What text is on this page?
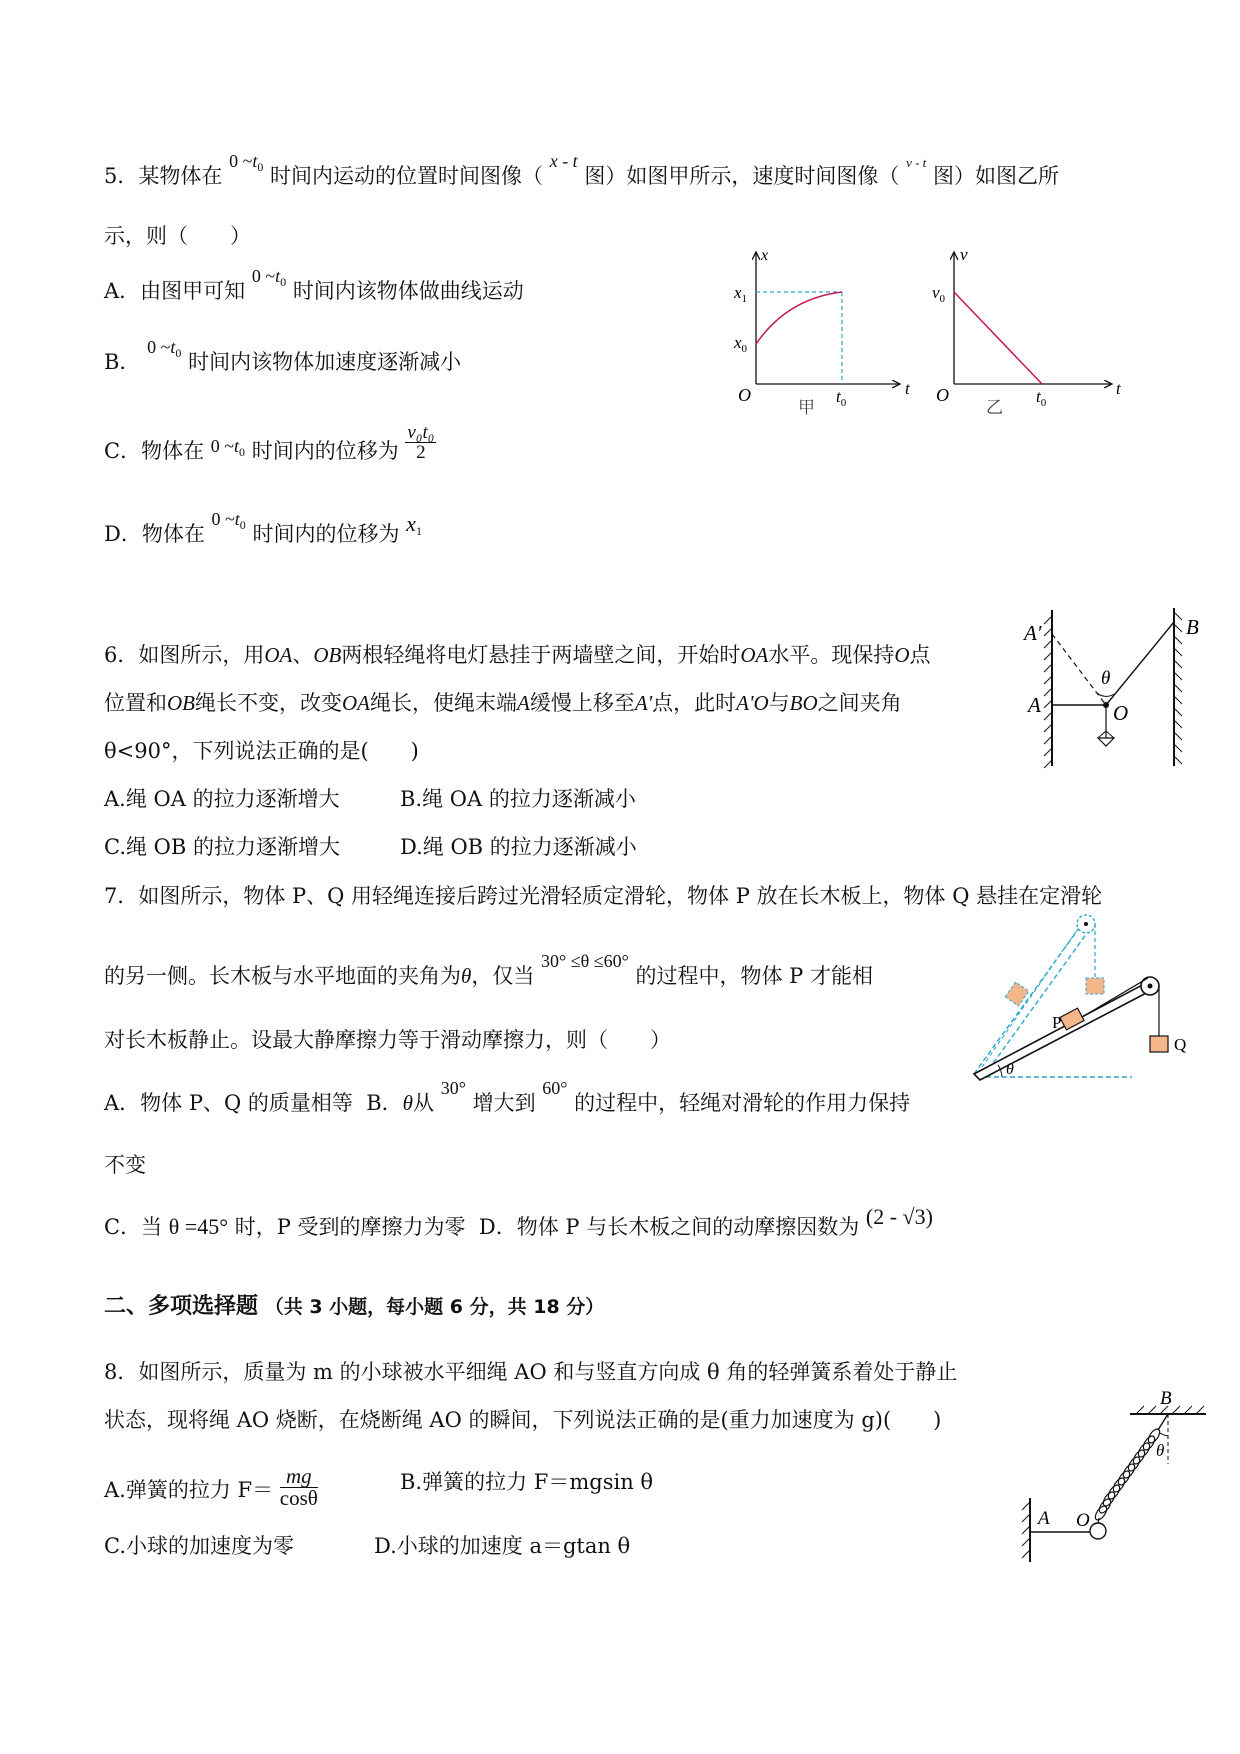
5．某物体在 0 $\sim t_0$ 时间内运动的位置时间图像（ x - t 图）如图甲所示，速度时间图像（ $^{v - t}$ 图）如图乙所
示，则（　　）
A．由图甲可知 0 $\sim t_0$ 时间内该物体做曲线运动
B． 0 $\sim t_0$ 时间内该物体加速度逐渐减小
C．物体在 0 $\sim t_0$ 时间内的位移为 $\frac{\text{v₀t₀}}{2}$
D．物体在 0 $\sim t_0$ 时间内的位移为 x1
x
t
O
$x_1$
$x_0$
$t_0$
甲
v
t
O
$v_0$
$t_0$
乙
6．如图所示，用OA、OB两根轻绳将电灯悬挂于两墙壁之间，开始时OA水平。现保持O点
位置和OB绳长不变，改变OA绳长，使绳末端A缓慢上移至A'点，此时A'O与BO之间夹角
θ<90°，下列说法正确的是(　　)
A.绳 OA 的拉力逐渐增大	B.绳 OA 的拉力逐渐减小
C.绳 OB 的拉力逐渐增大	D.绳 OB 的拉力逐渐减小
A′
A
B
O
θ
7．如图所示，物体 P、Q 用轻绳连接后跨过光滑轻质定滑轮，物体 P 放在长木板上，物体 Q 悬挂在定滑轮
的另一侧。长木板与水平地面的夹角为θ，仅当 30° ≤θ ≤60° 的过程中，物体 P 才能相
对长木板静止。设最大静摩擦力等于滑动摩擦力，则（　　）
A．物体 P、Q 的质量相等 B．θ从 30° 增大到 60° 的过程中，轻绳对滑轮的作用力保持
不变
C．当 θ =45° 时，P 受到的摩擦力为零 D．物体 P 与长木板之间的动摩擦因数为 (2 - √3)
P
Q
θ
二、多项选择题 （共 3 小题，每小题 6 分，共 18 分）
8．如图所示，质量为 m 的小球被水平细绳 AO 和与竖直方向成 θ 角的轻弹簧系着处于静止
状态，现将绳 AO 烧断，在烧断绳 AO 的瞬间，下列说法正确的是(重力加速度为 g)(　　)
A.弹簧的拉力 $F= \frac{mg}{\cos\theta}$	B.弹簧的拉力 F＝mgsin θ
C.小球的加速度为零	D.小球的加速度 a＝gtan θ
B
A O
θ
